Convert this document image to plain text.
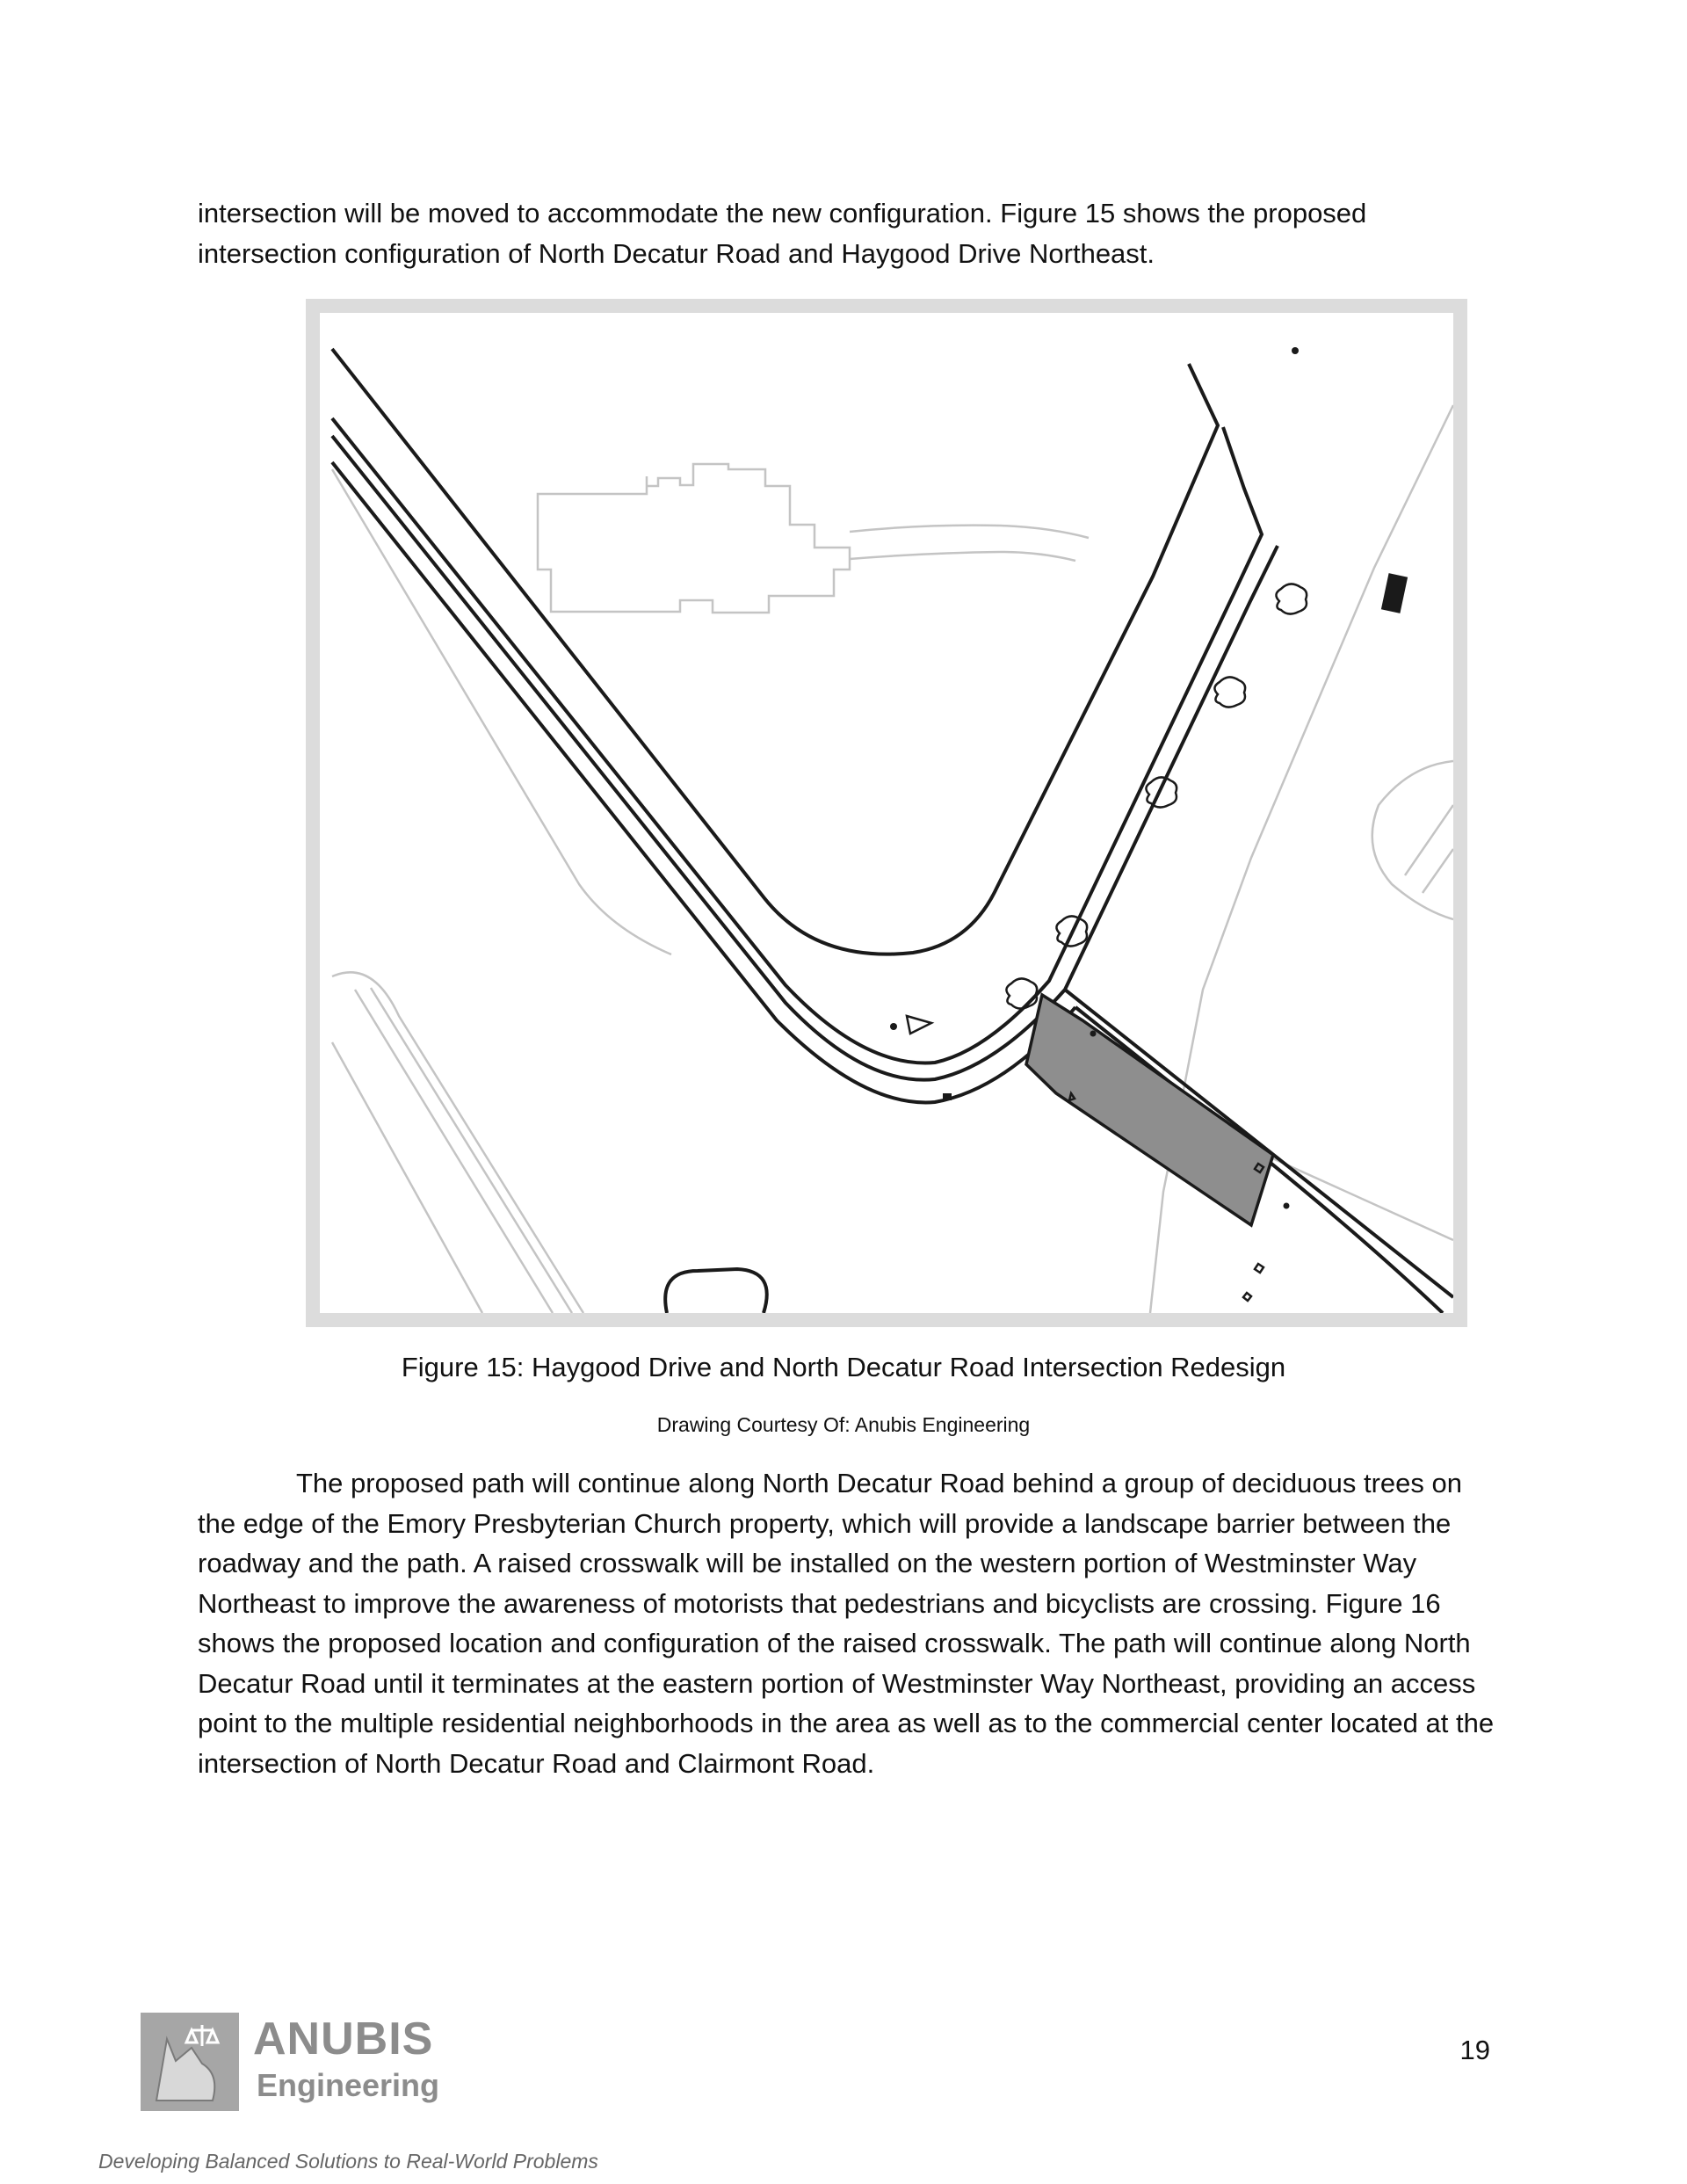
intersection will be moved to accommodate the new configuration. Figure 15 shows the proposed intersection configuration of North Decatur Road and Haygood Drive Northeast.

Figure 15: Haygood Drive and North Decatur Road Intersection Redesign

Drawing Courtesy Of: Anubis Engineering

The proposed path will continue along North Decatur Road behind a group of deciduous trees on the edge of the Emory Presbyterian Church property, which will provide a landscape barrier between the roadway and the path. A raised crosswalk will be installed on the western portion of Westminster Way Northeast to improve the awareness of motorists that pedestrians and bicyclists are crossing. Figure 16 shows the proposed location and configuration of the raised crosswalk. The path will continue along North Decatur Road until it terminates at the eastern portion of Westminster Way Northeast, providing an access point to the multiple residential neighborhoods in the area as well as to the commercial center located at the intersection of North Decatur Road and Clairmont Road.

ANUBIS
Engineering
19
Developing Balanced Solutions to Real-World Problems
